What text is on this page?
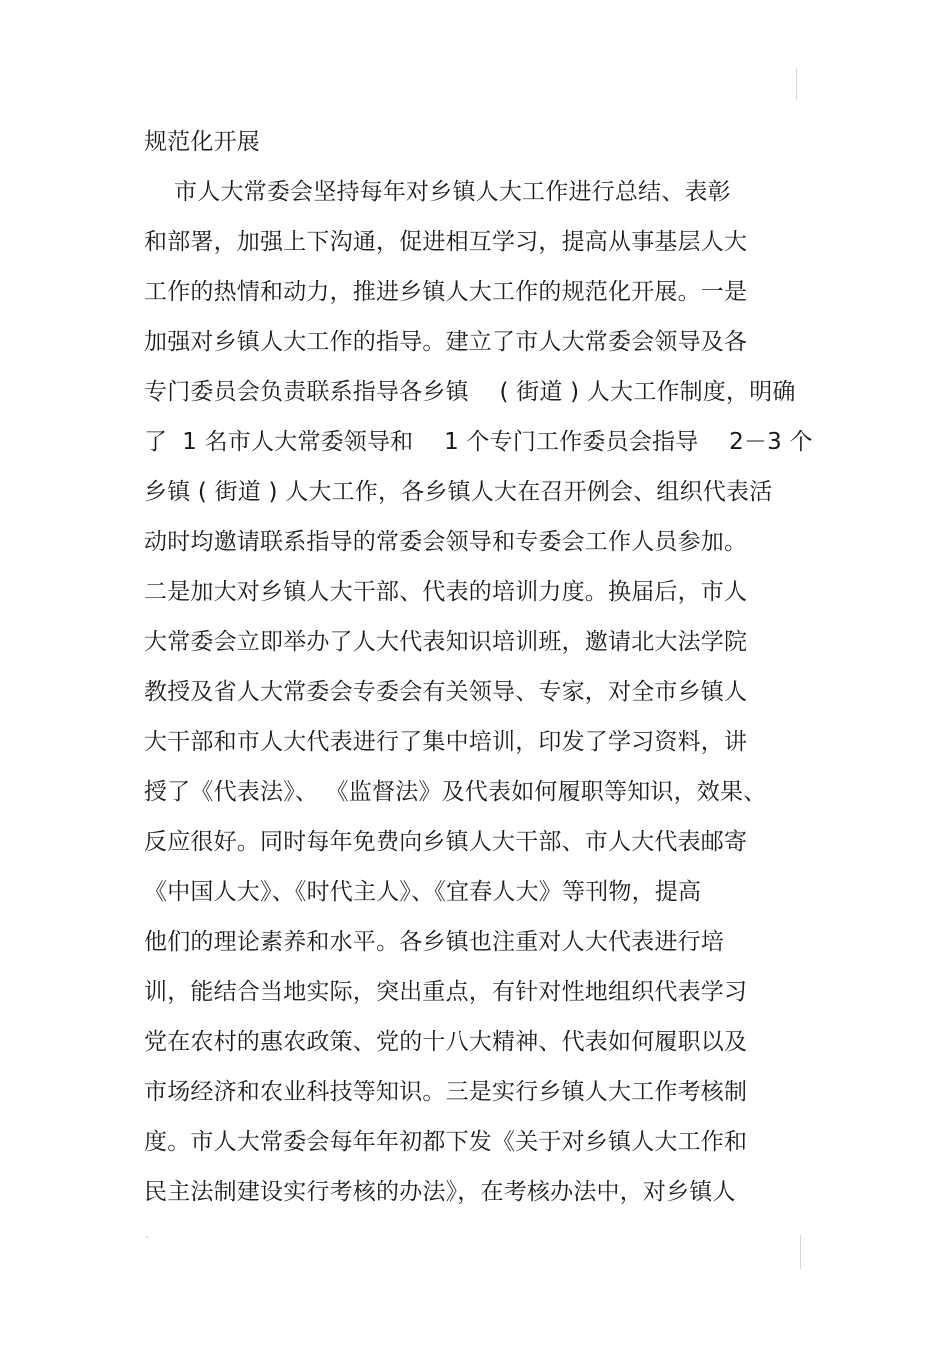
规范化开展
市人大常委会坚持每年对乡镇人大工作进行总结、表彰
和部署，加强上下沟通，促进相互学习，提高从事基层人大
工作的热情和动力，推进乡镇人大工作的规范化开展。一是
加强对乡镇人大工作的指导。建立了市人大常委会领导及各
专门委员会负责联系指导各乡镇　 ( 街道 ) 人大工作制度，明确
了  1 名市人大常委领导和　 1 个专门工作委员会指导　 2－3 个
乡镇 ( 街道 ) 人大工作，各乡镇人大在召开例会、组织代表活
动时均邀请联系指导的常委会领导和专委会工作人员参加。
二是加大对乡镇人大干部、代表的培训力度。换届后，市人
大常委会立即举办了人大代表知识培训班，邀请北大法学院
教授及省人大常委会专委会有关领导、专家，对全市乡镇人
大干部和市人大代表进行了集中培训，印发了学习资料，讲
授了《代表法》、 《监督法》及代表如何履职等知识，效果、
反应很好。同时每年免费向乡镇人大干部、市人大代表邮寄
《中国人大》、《时代主人》、《宜春人大》等刊物，提高
他们的理论素养和水平。各乡镇也注重对人大代表进行培
训，能结合当地实际，突出重点，有针对性地组织代表学习
党在农村的惠农政策、党的十八大精神、代表如何履职以及
市场经济和农业科技等知识。三是实行乡镇人大工作考核制
度。市人大常委会每年年初都下发《关于对乡镇人大工作和
民主法制建设实行考核的办法》，在考核办法中，对乡镇人
